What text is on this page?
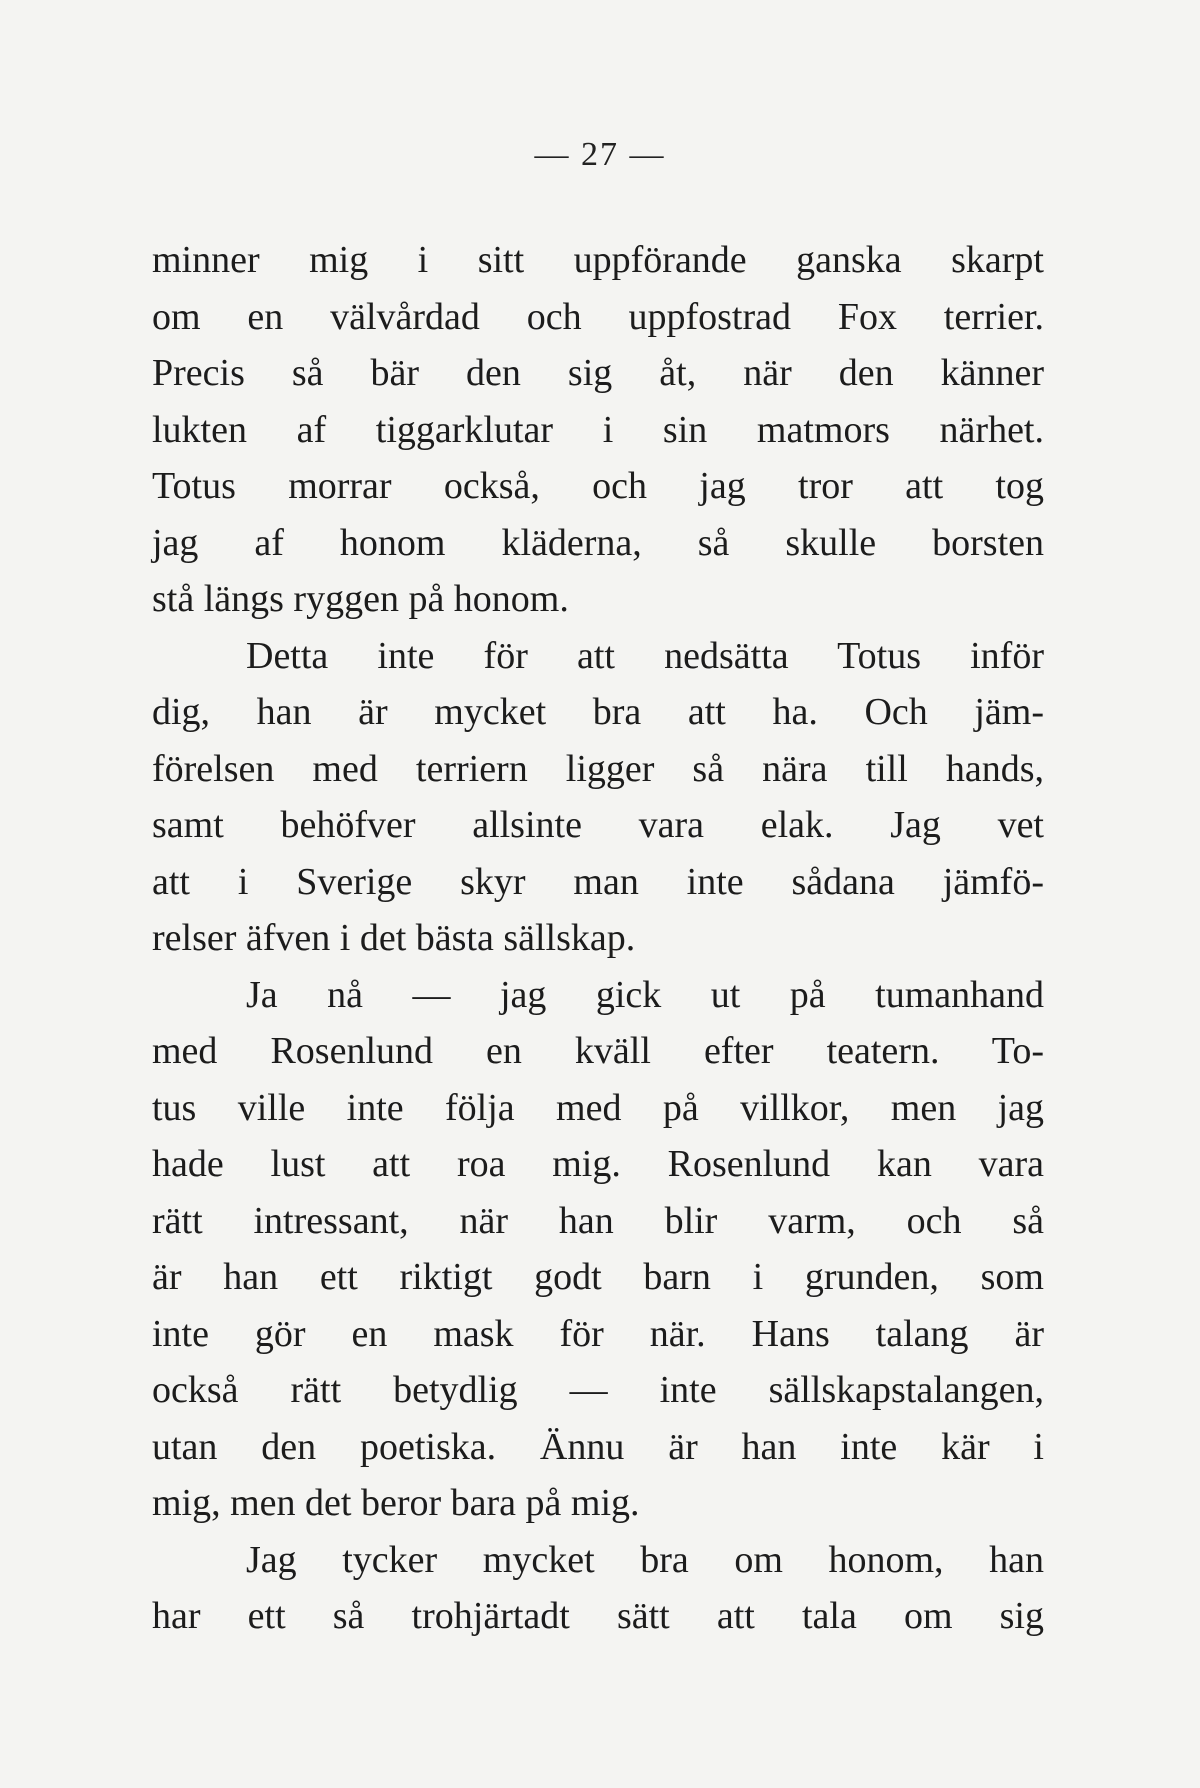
— 27 —
minner mig i sitt uppförande ganska skarpt
om en välvårdad och uppfostrad Fox terrier.
Precis så bär den sig åt, när den känner
lukten af tiggarklutar i sin matmors närhet.
Totus morrar också, och jag tror att tog
jag af honom kläderna, så skulle borsten
stå längs ryggen på honom.
Detta inte för att nedsätta Totus inför
dig, han är mycket bra att ha. Och jäm-
förelsen med terriern ligger så nära till hands,
samt behöfver allsinte vara elak. Jag vet
att i Sverige skyr man inte sådana jämfö-
relser äfven i det bästa sällskap.
Ja nå — jag gick ut på tumanhand
med Rosenlund en kväll efter teatern. To-
tus ville inte följa med på villkor, men jag
hade lust att roa mig. Rosenlund kan vara
rätt intressant, när han blir varm, och så
är han ett riktigt godt barn i grunden, som
inte gör en mask för när. Hans talang är
också rätt betydlig — inte sällskapstalangen,
utan den poetiska. Ännu är han inte kär i
mig, men det beror bara på mig.
Jag tycker mycket bra om honom, han
har ett så trohjärtadt sätt att tala om sig
